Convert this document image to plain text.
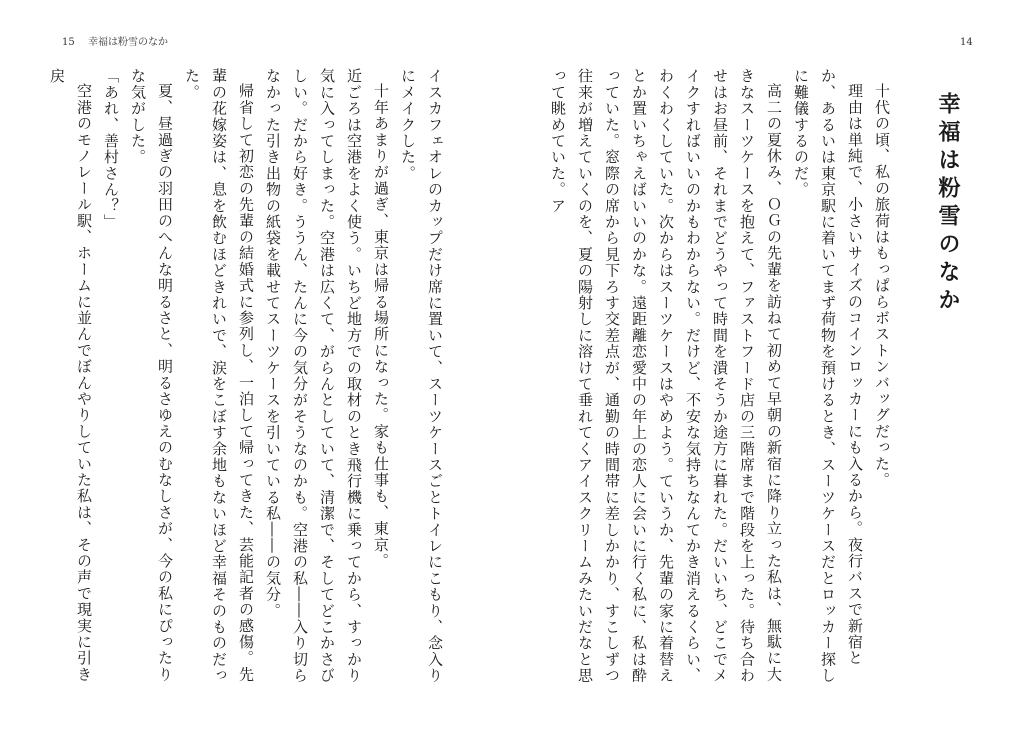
15 幸福は粉雪のなか	14
幸福は粉雪のなか

十代の頃、私の旅荷はもっぱらボストンバッグだった。

理由は単純で、小さいサイズのコインロッカーにも入るから。夜行バスで新宿とか、あるいは東京駅に着いてまず荷物を預けるとき、スーツケースだとロッカー探しに難儀するのだ。

高二の夏休み、ＯＧの先輩を訪ねて初めて早朝の新宿に降り立った私は、無駄に大きなスーツケースを抱えて、ファストフード店の三階席まで階段を上った。待ち合わせはお昼前、それまでどうやって時間を潰そうか途方に暮れた。だいいち、どこでメイクすればいいのかもわからない。だけど、不安な気持ちなんてかき消えるくらい、わくわくしていた。次からはスーツケースはやめよう。ていうか、先輩の家に着替えとか置いちゃえばいいのかな。遠距離恋愛中の年上の恋人に会いに行く私に、私は酔っていた。窓際の席から見下ろす交差点が、通勤の時間帯に差しかかり、すこしずつ往来が増えていくのを、夏の陽射しに溶けて垂れてくアイスクリームみたいだなと思って眺めていた。ア

イスカフェオレのカップだけ席に置いて、スーツケースごとトイレにこもり、念入りにメイクした。

十年あまりが過ぎ、東京は帰る場所になった。家も仕事も、東京。

近ごろは空港をよく使う。いちど地方での取材のとき飛行機に乗ってから、すっかり気に入ってしまった。空港は広くて、がらんとしていて、清潔で、そしてどこかさびしい。だから好き。ううん、たんに今の気分がそうなのかも。空港の私――入り切らなかった引き出物の紙袋を載せてスーツケースを引いている私――の気分。

帰省して初恋の先輩の結婚式に参列し、一泊して帰ってきた、芸能記者の感傷。先輩の花嫁姿は、息を飲むほどきれいで、涙をこぼす余地もないほど幸福そのものだった。

夏、昼過ぎの羽田のへんな明るさと、明るさゆえのむなしさが、今の私にぴったりな気がした。

「あれ、善村さん？」

空港のモノレール駅、ホームに並んでぼんやりしていた私は、その声で現実に引き戻
